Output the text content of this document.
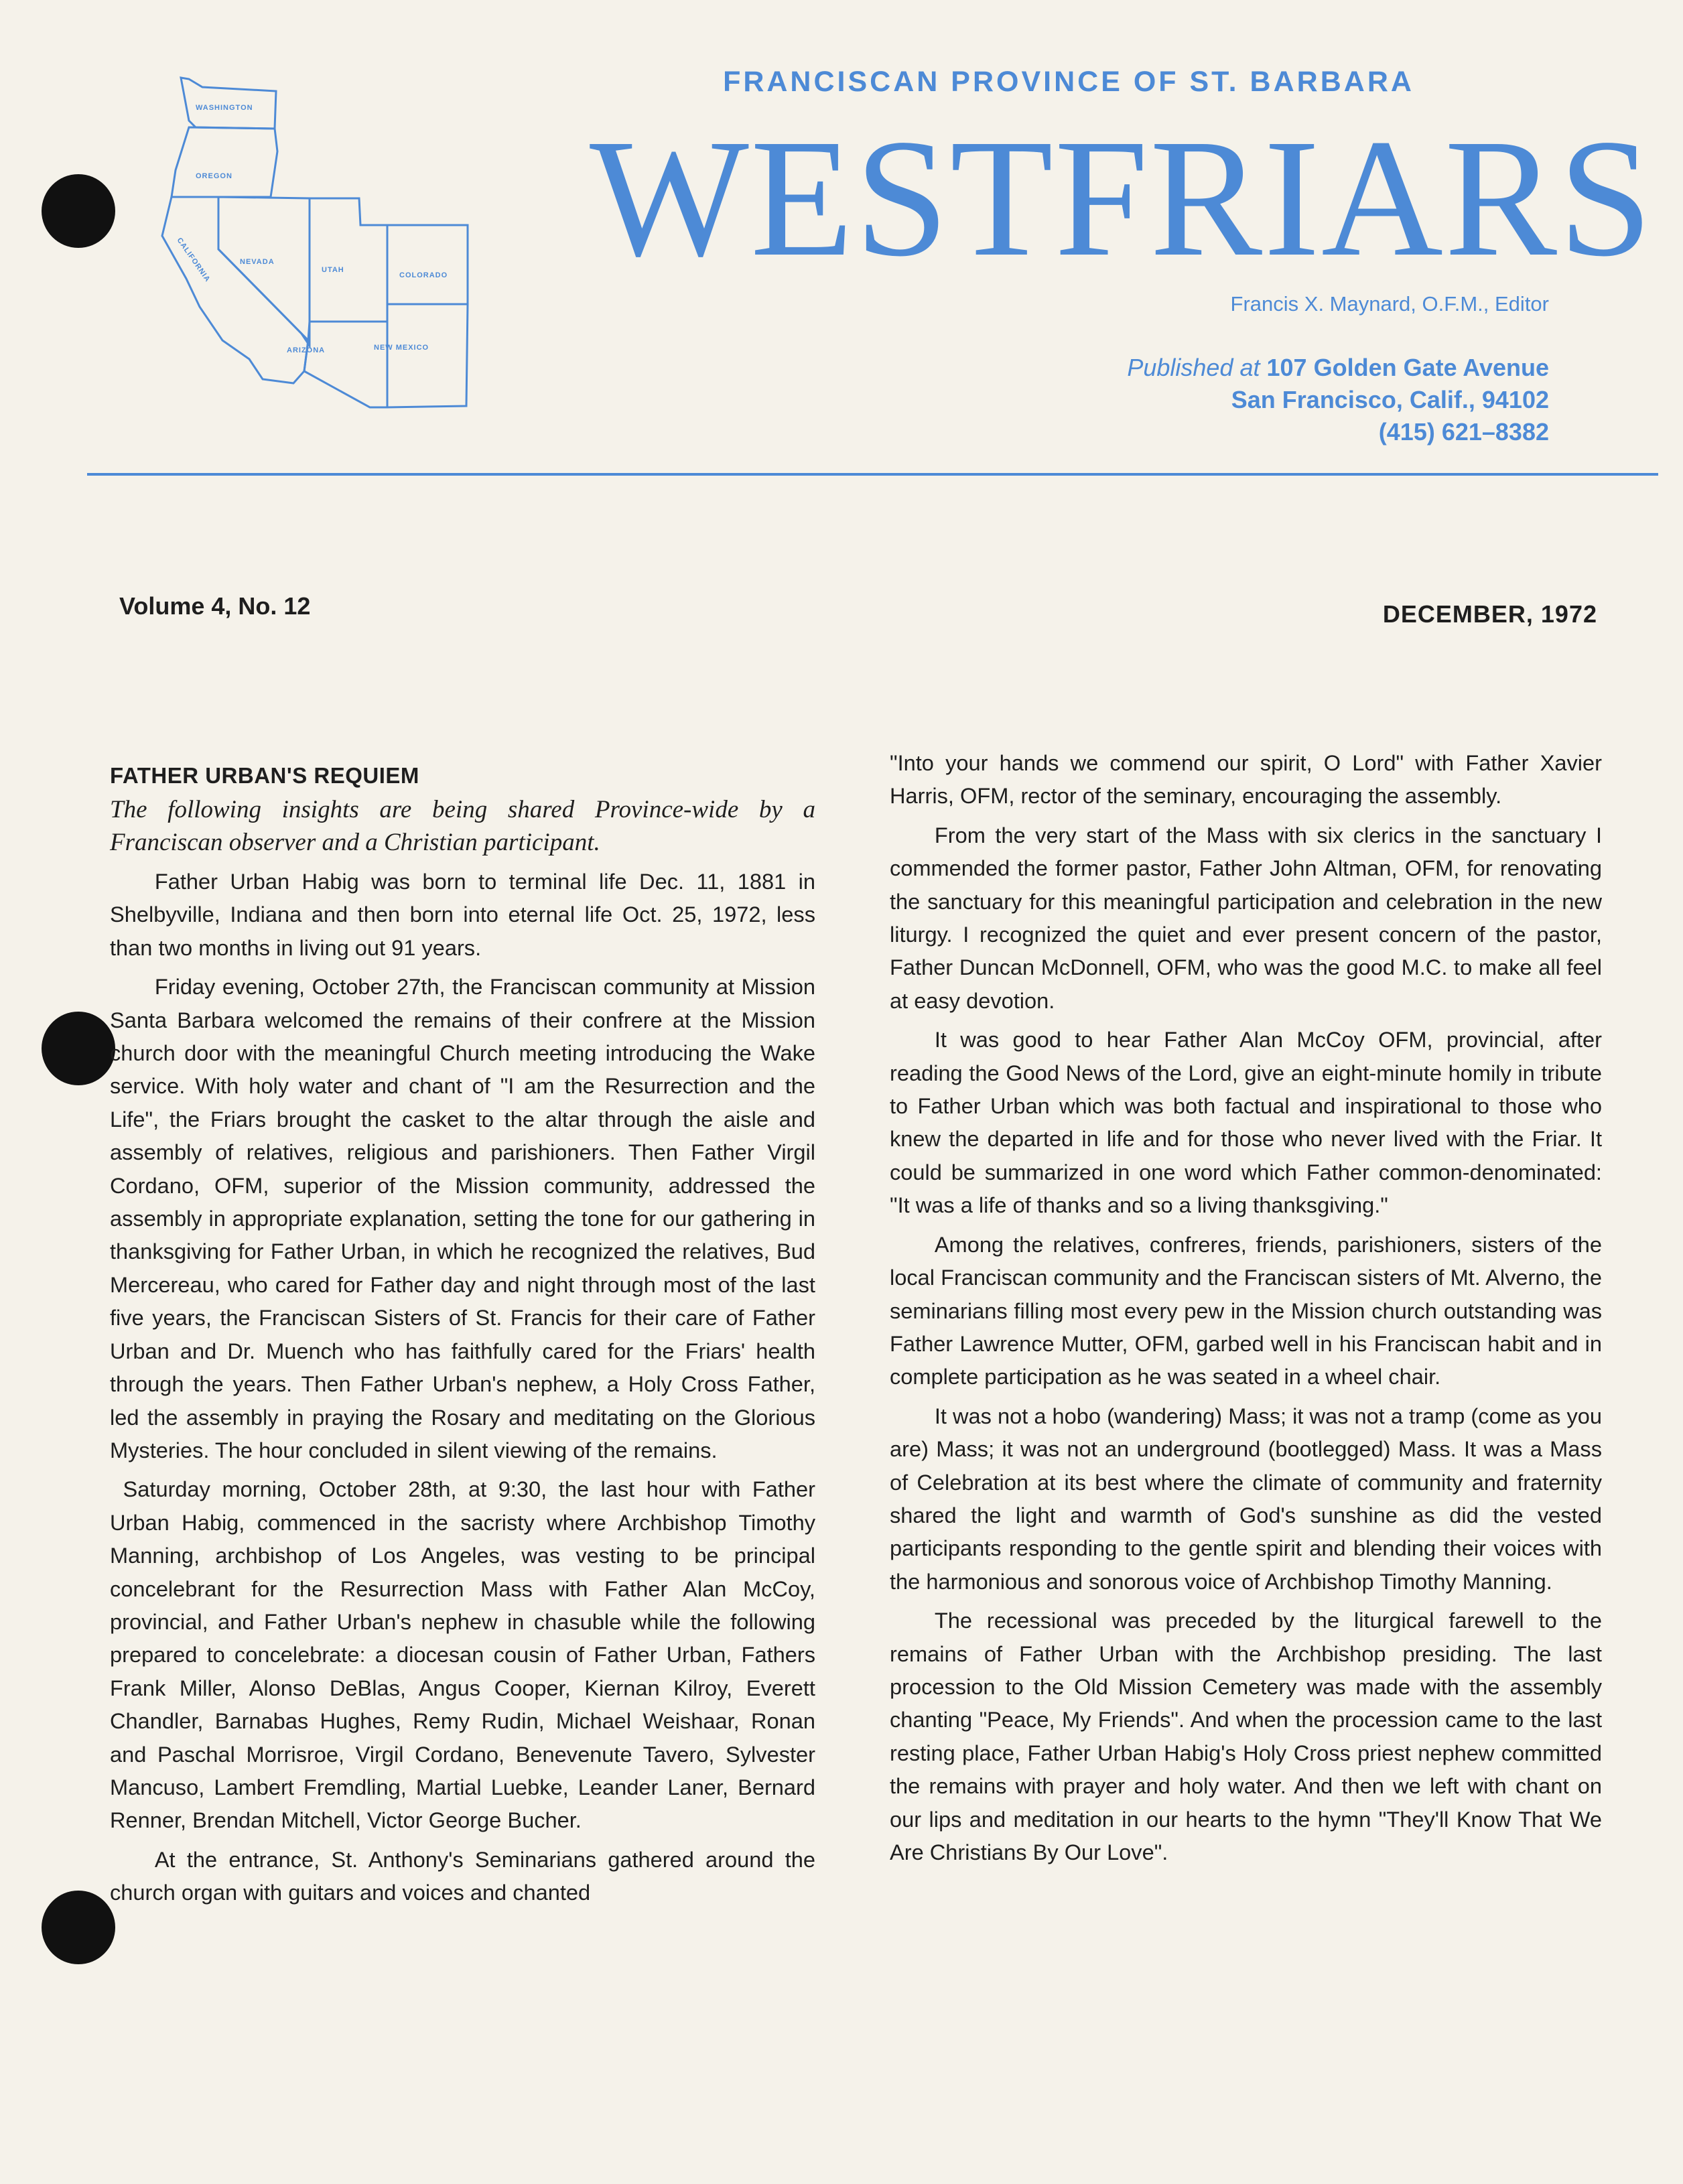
WASHINGTON
OREGON
CALIFORNIA	NEVADA
UTAH
COLORADO
ARIZONA	NEW MEXICO
FRANCISCAN PROVINCE OF ST. BARBARA
WESTFRIARS
Francis X. Maynard, O.F.M., Editor
Published at 107 Golden Gate Avenue
San Francisco, Calif., 94102
(415) 621–8382
Volume 4, No. 12	DECEMBER, 1972

FATHER URBAN'S REQUIEM

The following insights are being shared Province-wide by a Franciscan observer and a Christian participant.

Father Urban Habig was born to terminal life Dec. 11, 1881 in Shelbyville, Indiana and then born into eternal life Oct. 25, 1972, less than two months in living out 91 years.

Friday evening, October 27th, the Franciscan community at Mission Santa Barbara welcomed the remains of their confrere at the Mission church door with the meaningful Church meeting introducing the Wake service. With holy water and chant of "I am the Resurrection and the Life", the Friars brought the casket to the altar through the aisle and assembly of relatives, religious and parishioners. Then Father Virgil Cordano, OFM, superior of the Mission community, addressed the assembly in appropriate explanation, setting the tone for our gathering in thanksgiving for Father Urban, in which he recognized the relatives, Bud Mercereau, who cared for Father day and night through most of the last five years, the Franciscan Sisters of St. Francis for their care of Father Urban and Dr. Muench who has faithfully cared for the Friars' health through the years. Then Father Urban's nephew, a Holy Cross Father, led the assembly in praying the Rosary and meditating on the Glorious Mysteries. The hour concluded in silent viewing of the remains.

Saturday morning, October 28th, at 9:30, the last hour with Father Urban Habig, commenced in the sacristy where Archbishop Timothy Manning, archbishop of Los Angeles, was vesting to be principal concelebrant for the Resurrection Mass with Father Alan McCoy, provincial, and Father Urban's nephew in chasuble while the following prepared to concelebrate: a diocesan cousin of Father Urban, Fathers Frank Miller, Alonso DeBlas, Angus Cooper, Kiernan Kilroy, Everett Chandler, Barnabas Hughes, Remy Rudin, Michael Weishaar, Ronan and Paschal Morrisroe, Virgil Cordano, Benevenute Tavero, Sylvester Mancuso, Lambert Fremdling, Martial Luebke, Leander Laner, Bernard Renner, Brendan Mitchell, Victor George Bucher.

At the entrance, St. Anthony's Seminarians gathered around the church organ with guitars and voices and chanted

"Into your hands we commend our spirit, O Lord" with Father Xavier Harris, OFM, rector of the seminary, encouraging the assembly.

From the very start of the Mass with six clerics in the sanctuary I commended the former pastor, Father John Altman, OFM, for renovating the sanctuary for this meaningful participation and celebration in the new liturgy. I recognized the quiet and ever present concern of the pastor, Father Duncan McDonnell, OFM, who was the good M.C. to make all feel at easy devotion.

It was good to hear Father Alan McCoy OFM, provincial, after reading the Good News of the Lord, give an eight-minute homily in tribute to Father Urban which was both factual and inspirational to those who knew the departed in life and for those who never lived with the Friar. It could be summarized in one word which Father common-denominated: "It was a life of thanks and so a living thanksgiving."

Among the relatives, confreres, friends, parishioners, sisters of the local Franciscan community and the Franciscan sisters of Mt. Alverno, the seminarians filling most every pew in the Mission church outstanding was Father Lawrence Mutter, OFM, garbed well in his Franciscan habit and in complete participation as he was seated in a wheel chair.

It was not a hobo (wandering) Mass; it was not a tramp (come as you are) Mass; it was not an underground (bootlegged) Mass. It was a Mass of Celebration at its best where the climate of community and fraternity shared the light and warmth of God's sunshine as did the vested participants responding to the gentle spirit and blending their voices with the harmonious and sonorous voice of Archbishop Timothy Manning.

The recessional was preceded by the liturgical farewell to the remains of Father Urban with the Archbishop presiding. The last procession to the Old Mission Cemetery was made with the assembly chanting "Peace, My Friends". And when the procession came to the last resting place, Father Urban Habig's Holy Cross priest nephew committed the remains with prayer and holy water. And then we left with chant on our lips and meditation in our hearts to the hymn "They'll Know That We Are Christians By Our Love".
